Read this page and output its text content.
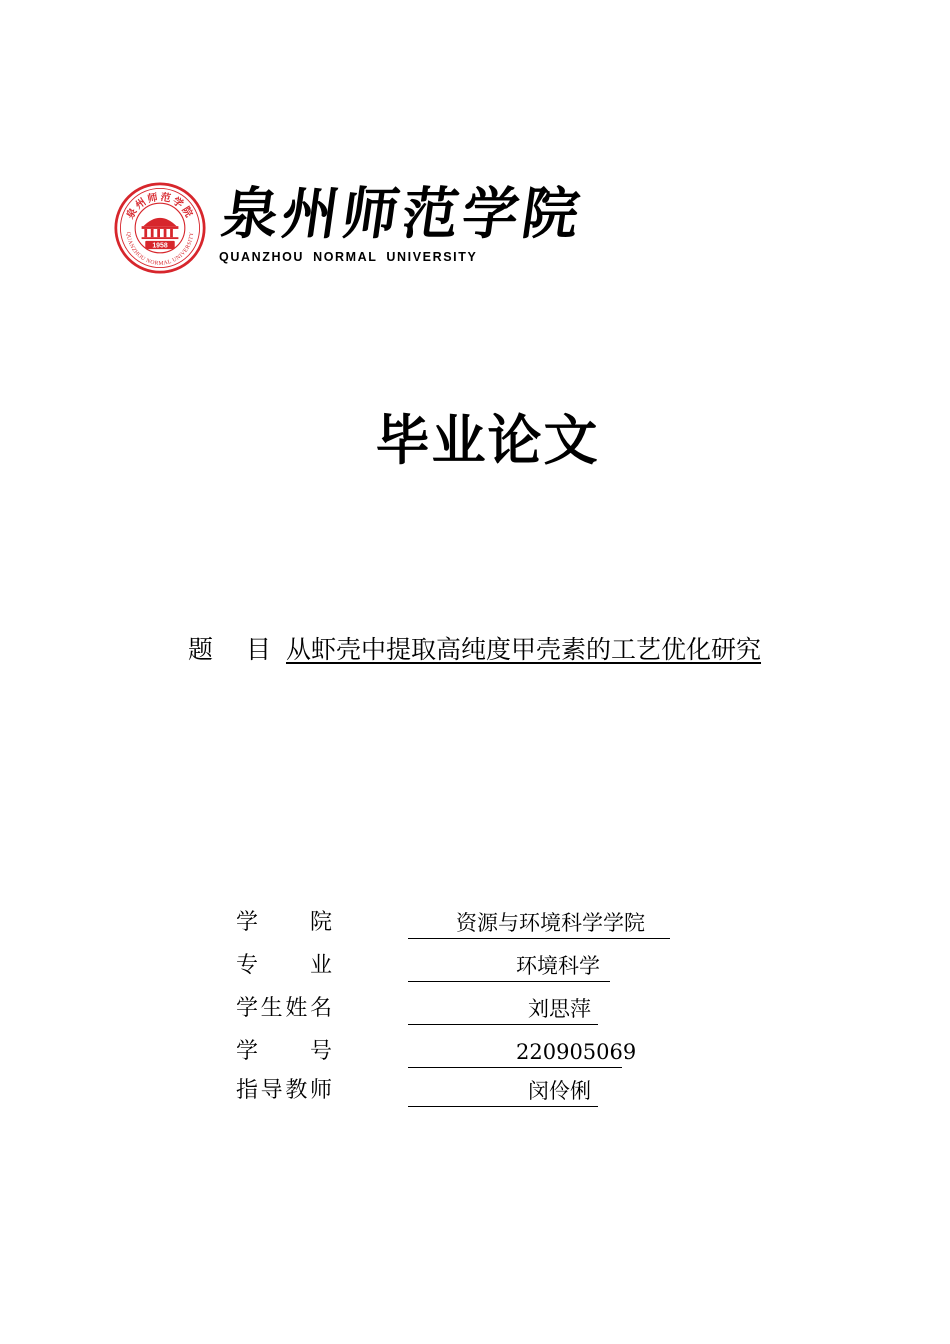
泉州师范学院
QUANZHOU NORMAL UNIVERSITY
1958 泉州师范学院
QUANZHOU NORMAL UNIVERSITY
毕业论文
题 目 从虾壳中提取高纯度甲壳素的工艺优化研究
学 院	资源与环境科学学院
专 业	环境科学
学 生 姓 名	刘思萍
学 号	220905069
指 导 教 师	闵伶俐
